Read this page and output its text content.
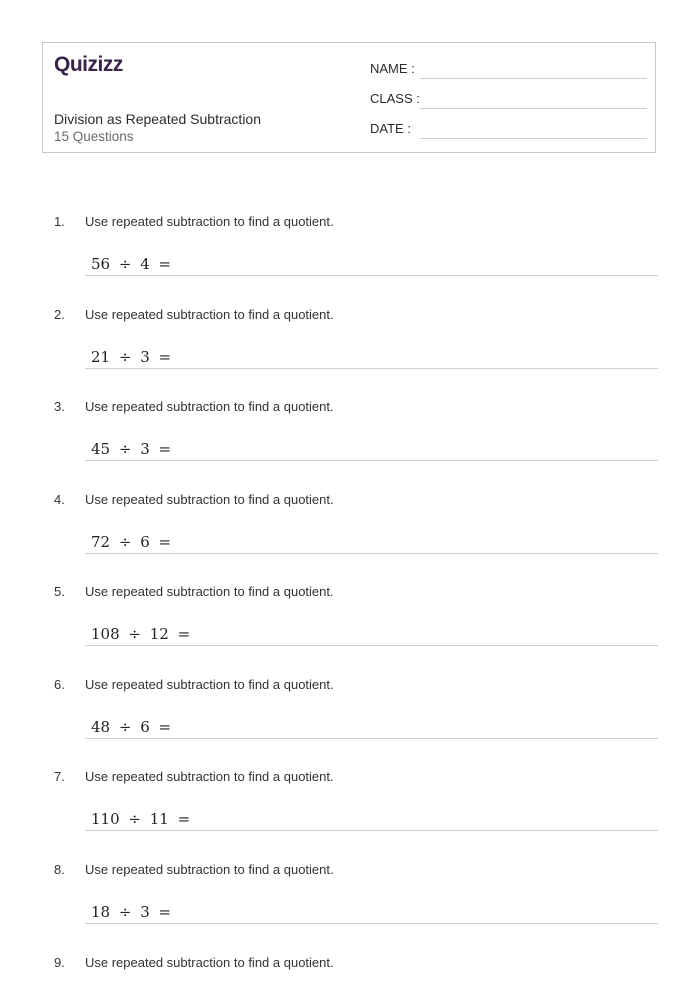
Quizizz
Division as Repeated Subtraction
15 Questions
NAME :
CLASS :
DATE :
1. Use repeated subtraction to find a quotient.
56 ÷ 4 =
2. Use repeated subtraction to find a quotient.
21 ÷ 3 =
3. Use repeated subtraction to find a quotient.
45 ÷ 3 =
4. Use repeated subtraction to find a quotient.
72 ÷ 6 =
5. Use repeated subtraction to find a quotient.
108 ÷ 12 =
6. Use repeated subtraction to find a quotient.
48 ÷ 6 =
7. Use repeated subtraction to find a quotient.
110 ÷ 11 =
8. Use repeated subtraction to find a quotient.
18 ÷ 3 =
9. Use repeated subtraction to find a quotient.
